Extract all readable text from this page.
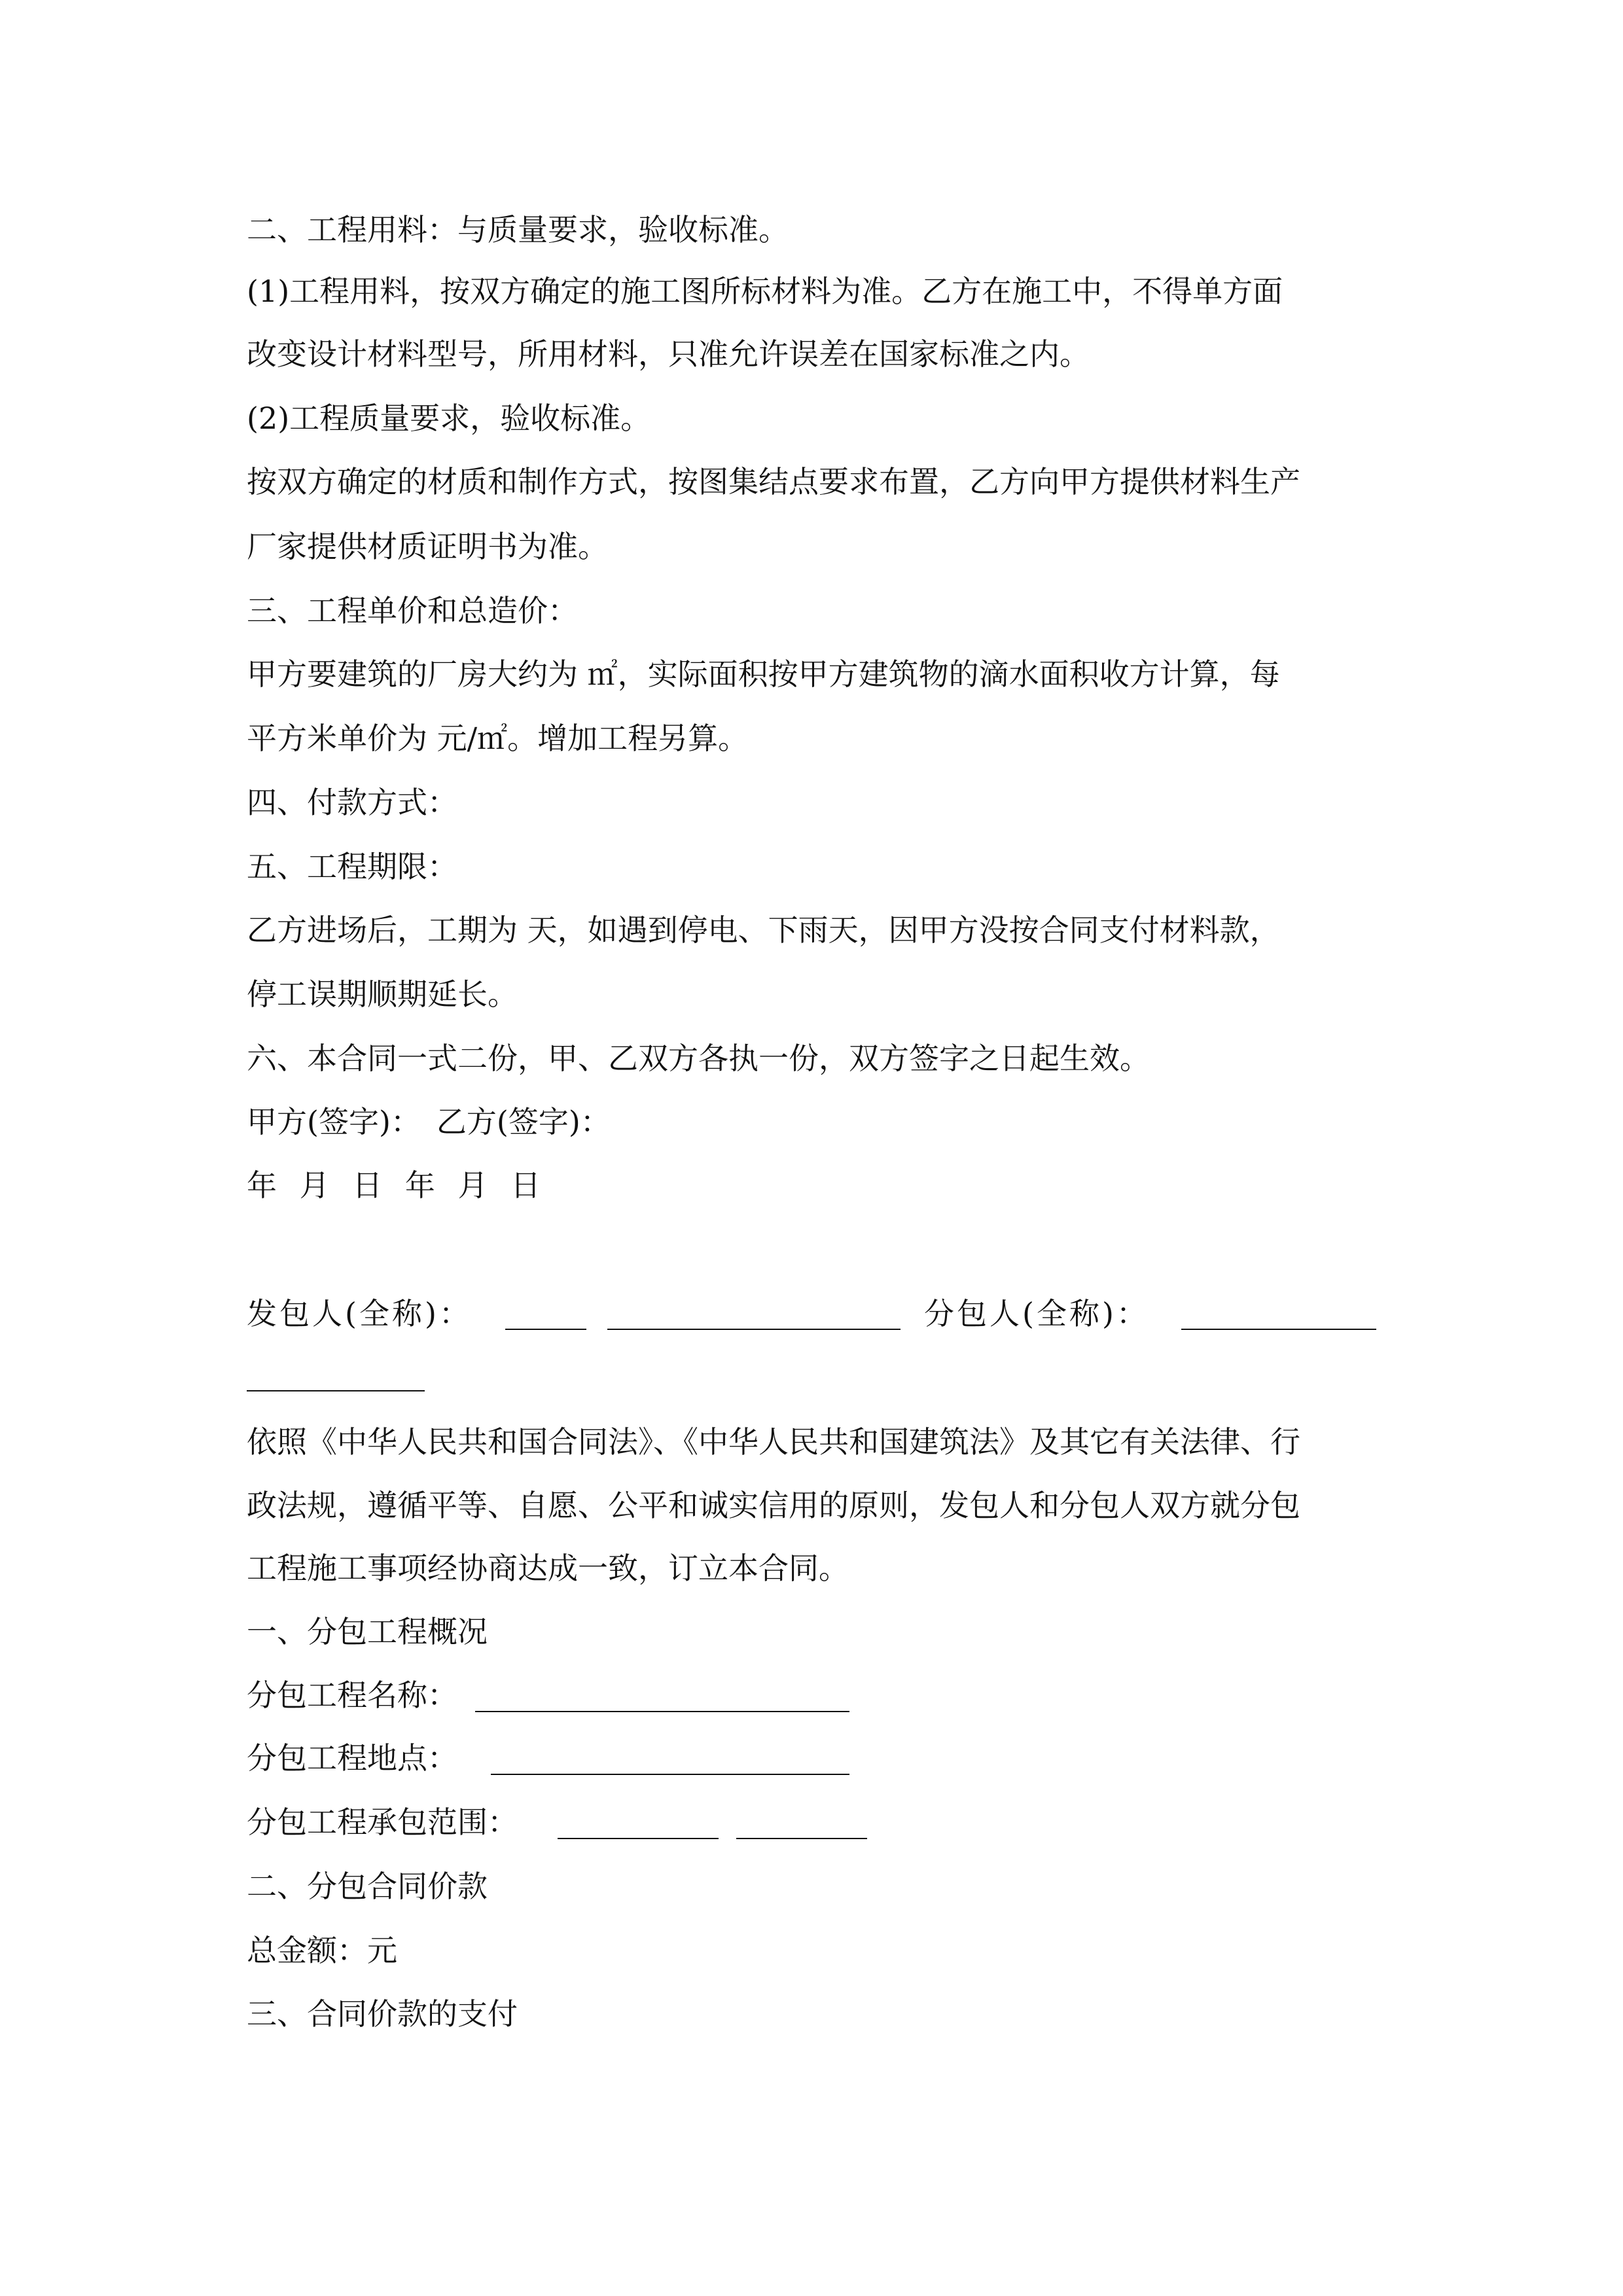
二、工程用料：与质量要求，验收标准。
(1)工程用料，按双方确定的施工图所标材料为准。乙方在施工中，不得单方面
改变设计材料型号，所用材料，只准允许误差在国家标准之内。
(2)工程质量要求，验收标准。
按双方确定的材质和制作方式，按图集结点要求布置，乙方向甲方提供材料生产
厂家提供材质证明书为准。
三、工程单价和总造价：
甲方要建筑的厂房大约为 ㎡，实际面积按甲方建筑物的滴水面积收方计算，每
平方米单价为 元/㎡。增加工程另算。
四、付款方式：
五、工程期限：
乙方进场后，工期为 天，如遇到停电、下雨天，因甲方没按合同支付材料款，
停工误期顺期延长。
六、本合同一式二份，甲、乙双方各执一份，双方签字之日起生效。
甲方(签字)： 乙方(签字)：
年 月 日 年 月 日
发包人(全称)：	分包人(全称)：
依照《中华人民共和国合同法》、《中华人民共和国建筑法》及其它有关法律、行
政法规，遵循平等、自愿、公平和诚实信用的原则，发包人和分包人双方就分包
工程施工事项经协商达成一致，订立本合同。
一、分包工程概况
分包工程名称：
分包工程地点：
分包工程承包范围：
二、分包合同价款
总金额：元
三、合同价款的支付
